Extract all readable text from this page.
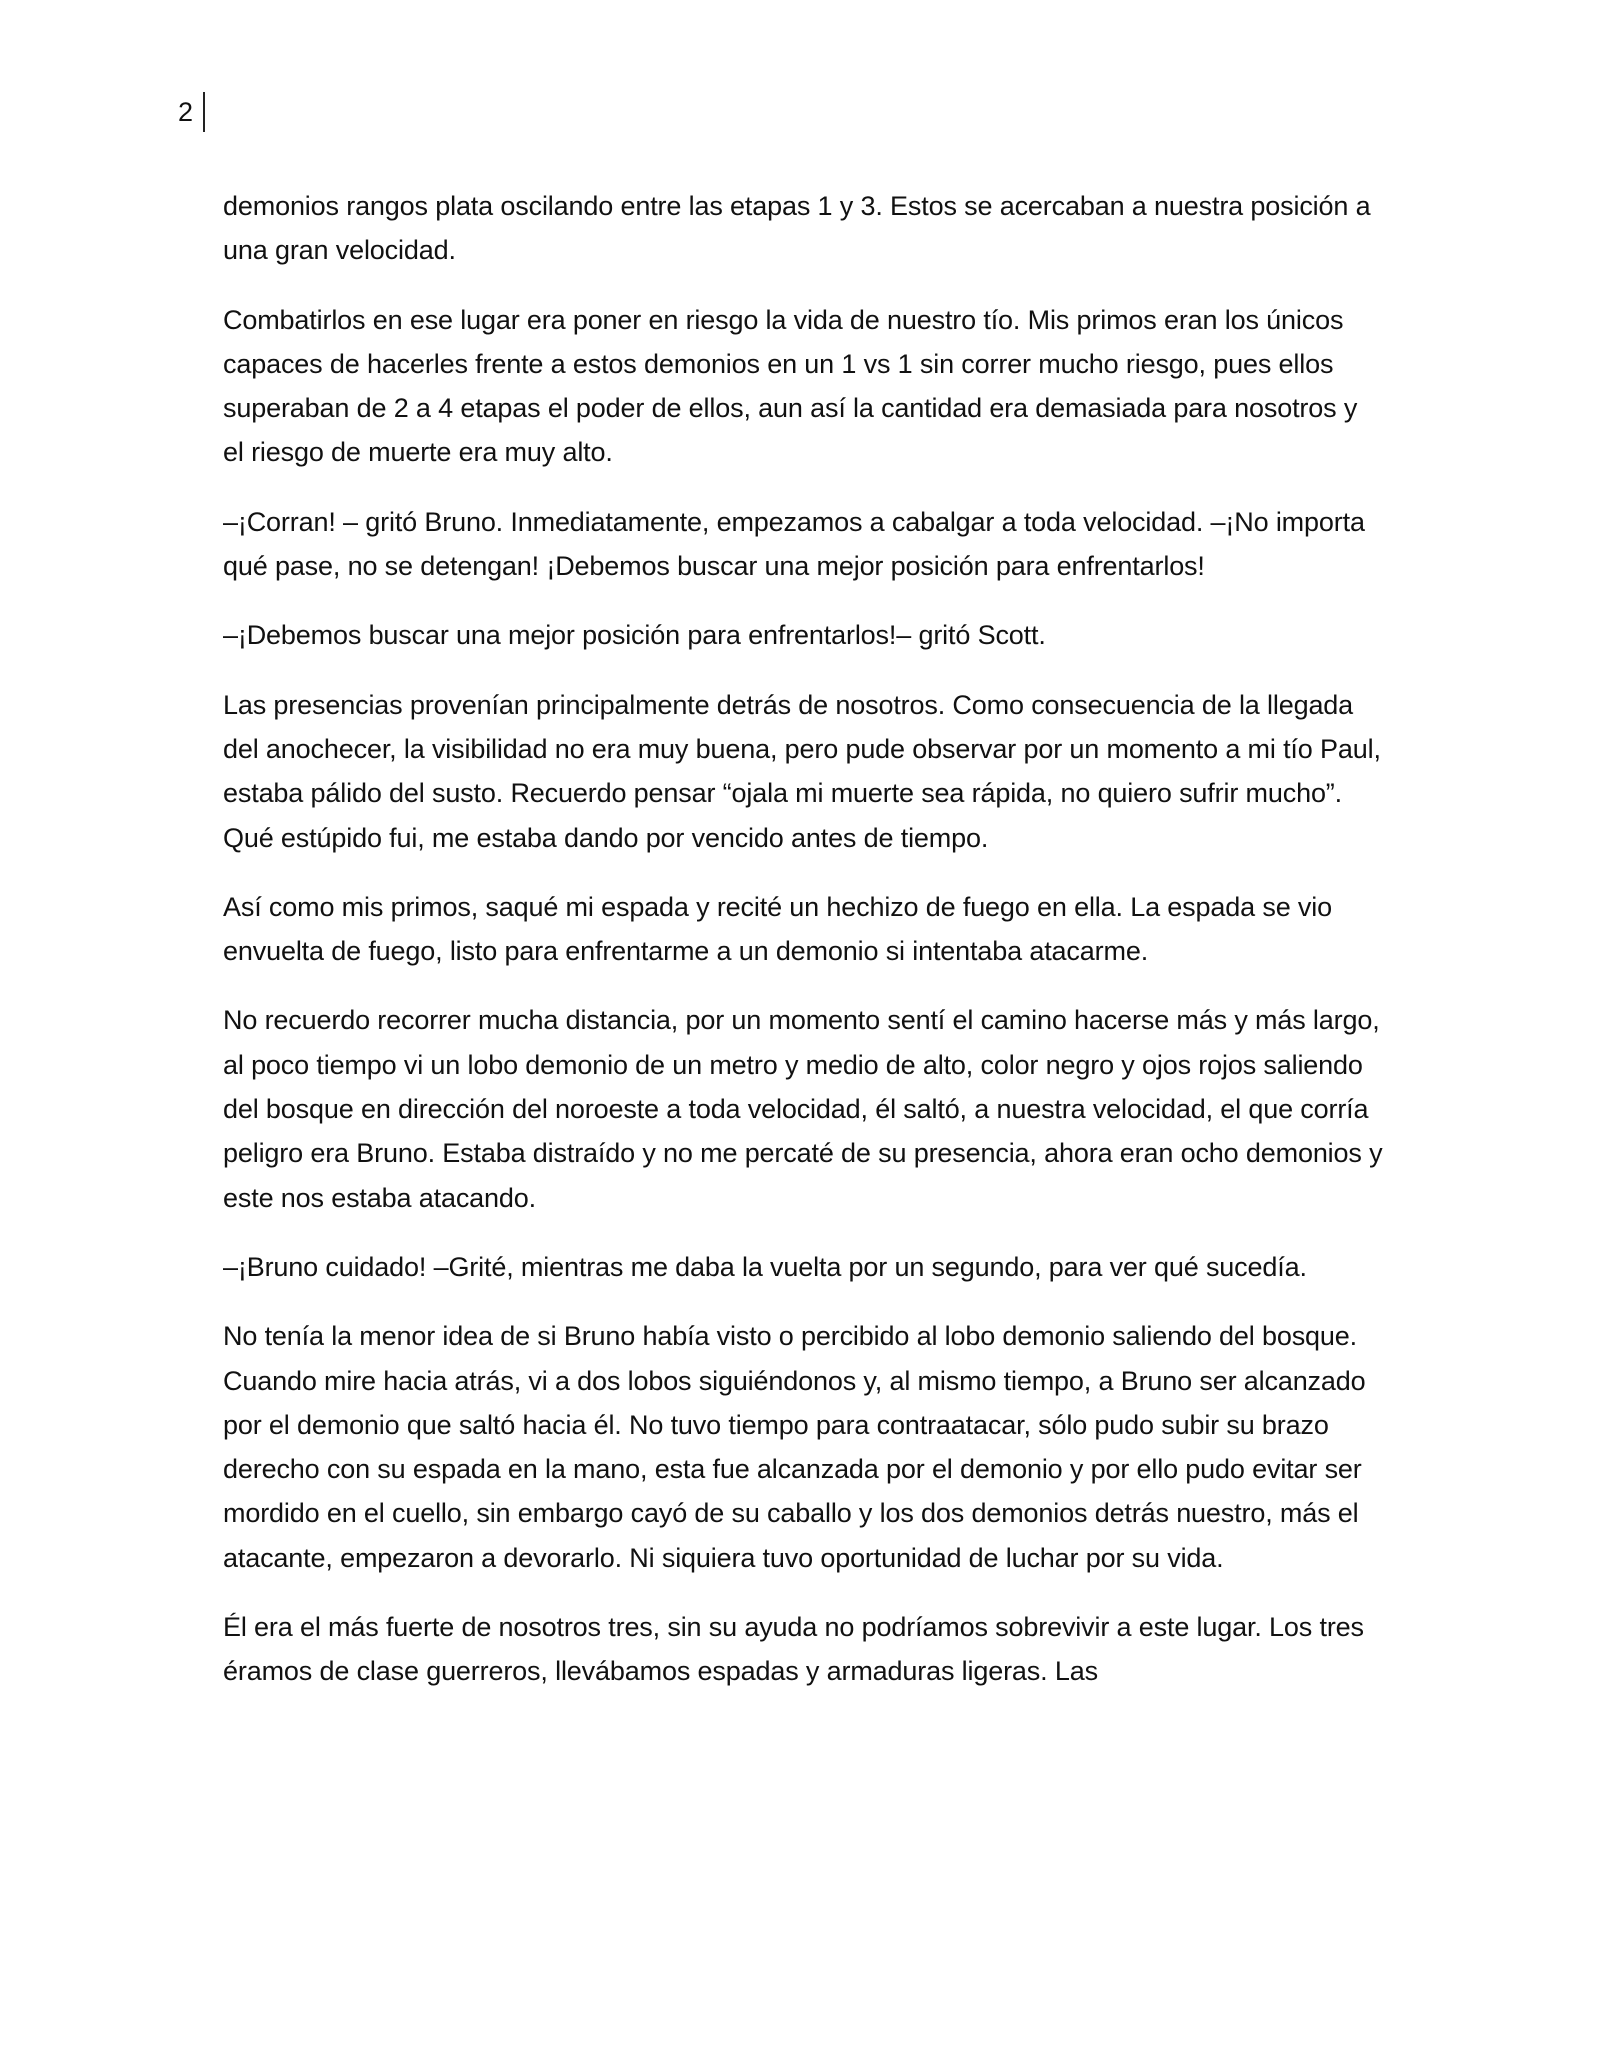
2

demonios rangos plata oscilando entre las etapas 1 y 3. Estos se acercaban a nuestra posición a una gran velocidad.

Combatirlos en ese lugar era poner en riesgo la vida de nuestro tío. Mis primos eran los únicos capaces de hacerles frente a estos demonios en un 1 vs 1 sin correr mucho riesgo, pues ellos superaban de 2 a 4 etapas el poder de ellos, aun así la cantidad era demasiada para nosotros y el riesgo de muerte era muy alto.

–¡Corran! – gritó Bruno. Inmediatamente, empezamos a cabalgar a toda velocidad. –¡No importa qué pase, no se detengan! ¡Debemos buscar una mejor posición para enfrentarlos!

–¡Debemos buscar una mejor posición para enfrentarlos!– gritó Scott.

Las presencias provenían principalmente detrás de nosotros. Como consecuencia de la llegada del anochecer, la visibilidad no era muy buena, pero pude observar por un momento a mi tío Paul, estaba pálido del susto. Recuerdo pensar “ojala mi muerte sea rápida, no quiero sufrir mucho”. Qué estúpido fui, me estaba dando por vencido antes de tiempo.

Así como mis primos, saqué mi espada y recité un hechizo de fuego en ella. La espada se vio envuelta de fuego, listo para enfrentarme a un demonio si intentaba atacarme.

No recuerdo recorrer mucha distancia, por un momento sentí el camino hacerse más y más largo, al poco tiempo vi un lobo demonio de un metro y medio de alto, color negro y ojos rojos saliendo del bosque en dirección del noroeste a toda velocidad, él saltó, a nuestra velocidad, el que corría peligro era Bruno. Estaba distraído y no me percaté de su presencia, ahora eran ocho demonios y este nos estaba atacando.

–¡Bruno cuidado! –Grité, mientras me daba la vuelta por un segundo, para ver qué sucedía.

No tenía la menor idea de si Bruno había visto o percibido al lobo demonio saliendo del bosque. Cuando mire hacia atrás, vi a dos lobos siguiéndonos y, al mismo tiempo, a Bruno ser alcanzado por el demonio que saltó hacia él. No tuvo tiempo para contraatacar, sólo pudo subir su brazo derecho con su espada en la mano, esta fue alcanzada por el demonio y por ello pudo evitar ser mordido en el cuello, sin embargo cayó de su caballo y los dos demonios detrás nuestro, más el atacante, empezaron a devorarlo. Ni siquiera tuvo oportunidad de luchar por su vida.

Él era el más fuerte de nosotros tres, sin su ayuda no podríamos sobrevivir a este lugar. Los tres éramos de clase guerreros, llevábamos espadas y armaduras ligeras. Las
